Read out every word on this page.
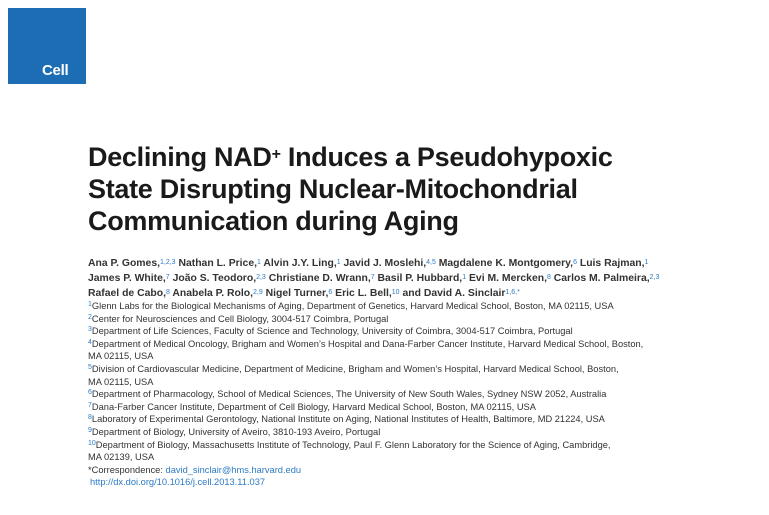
Cell
Declining NAD+ Induces a Pseudohypoxic
State Disrupting Nuclear-Mitochondrial
Communication during Aging
Ana P. Gomes,$^{1,2,3}$ Nathan L. Price,$^1$ Alvin J.Y. Ling,$^1$ Javid J. Moslehi,$^{4,5}$ Magdalene K. Montgomery,$^6$ Luis Rajman,$^1$
James P. White,$^7$ João S. Teodoro,$^{2,3}$ Christiane D. Wrann,$^7$ Basil P. Hubbard,$^1$ Evi M. Mercken,$^8$ Carlos M. Palmeira,$^{2,3}$
Rafael de Cabo,$^8$ Anabela P. Rolo,$^{2,9}$ Nigel Turner,$^6$ Eric L. Bell,$^{10}$ and David A. Sinclair$^{1,6,*}$
$^1$Glenn Labs for the Biological Mechanisms of Aging, Department of Genetics, Harvard Medical School, Boston, MA 02115, USA
$^2$Center for Neurosciences and Cell Biology, 3004-517 Coimbra, Portugal
$^3$Department of Life Sciences, Faculty of Science and Technology, University of Coimbra, 3004-517 Coimbra, Portugal
$^4$Department of Medical Oncology, Brigham and Women’s Hospital and Dana-Farber Cancer Institute, Harvard Medical School, Boston,
MA 02115, USA
$^5$Division of Cardiovascular Medicine, Department of Medicine, Brigham and Women’s Hospital, Harvard Medical School, Boston,
MA 02115, USA
$^6$Department of Pharmacology, School of Medical Sciences, The University of New South Wales, Sydney NSW 2052, Australia
$^7$Dana-Farber Cancer Institute, Department of Cell Biology, Harvard Medical School, Boston, MA 02115, USA
$^8$Laboratory of Experimental Gerontology, National Institute on Aging, National Institutes of Health, Baltimore, MD 21224, USA
$^9$Department of Biology, University of Aveiro, 3810-193 Aveiro, Portugal
$^{10}$Department of Biology, Massachusetts Institute of Technology, Paul F. Glenn Laboratory for the Science of Aging, Cambridge,
MA 02139, USA
*Correspondence: david_sinclair@hms.harvard.edu
http://dx.doi.org/10.1016/j.cell.2013.11.037
